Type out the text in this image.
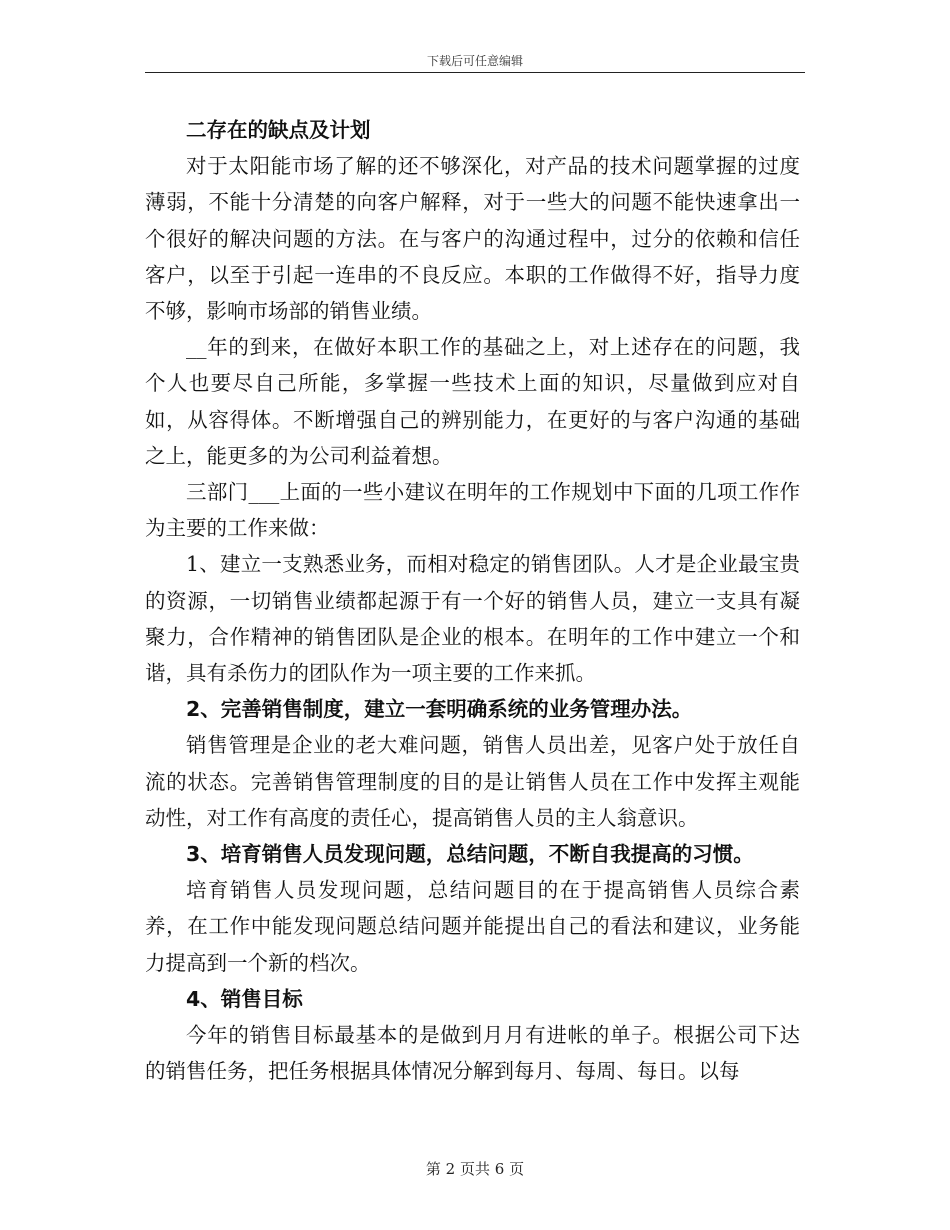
下载后可任意编辑

二存在的缺点及计划

对于太阳能市场了解的还不够深化，对产品的技术问题掌握的过度薄弱，不能十分清楚的向客户解释，对于一些大的问题不能快速拿出一个很好的解决问题的方法。在与客户的沟通过程中，过分的依赖和信任客户，以至于引起一连串的不良反应。本职的工作做得不好，指导力度不够，影响市场部的销售业绩。

__年的到来，在做好本职工作的基础之上，对上述存在的问题，我个人也要尽自己所能，多掌握一些技术上面的知识，尽量做到应对自如，从容得体。不断增强自己的辨别能力，在更好的与客户沟通的基础之上，能更多的为公司利益着想。

三部门___上面的一些小建议在明年的工作规划中下面的几项工作作为主要的工作来做：

1、建立一支熟悉业务，而相对稳定的销售团队。人才是企业最宝贵的资源，一切销售业绩都起源于有一个好的销售人员，建立一支具有凝聚力，合作精神的销售团队是企业的根本。在明年的工作中建立一个和谐，具有杀伤力的团队作为一项主要的工作来抓。

2、完善销售制度，建立一套明确系统的业务管理办法。

销售管理是企业的老大难问题，销售人员出差，见客户处于放任自流的状态。完善销售管理制度的目的是让销售人员在工作中发挥主观能动性，对工作有高度的责任心，提高销售人员的主人翁意识。

3、培育销售人员发现问题，总结问题，不断自我提高的习惯。

培育销售人员发现问题，总结问题目的在于提高销售人员综合素养，在工作中能发现问题总结问题并能提出自己的看法和建议，业务能力提高到一个新的档次。

4、销售目标

今年的销售目标最基本的是做到月月有进帐的单子。根据公司下达的销售任务，把任务根据具体情况分解到每月、每周、每日。以每

第 2 页共 6 页
